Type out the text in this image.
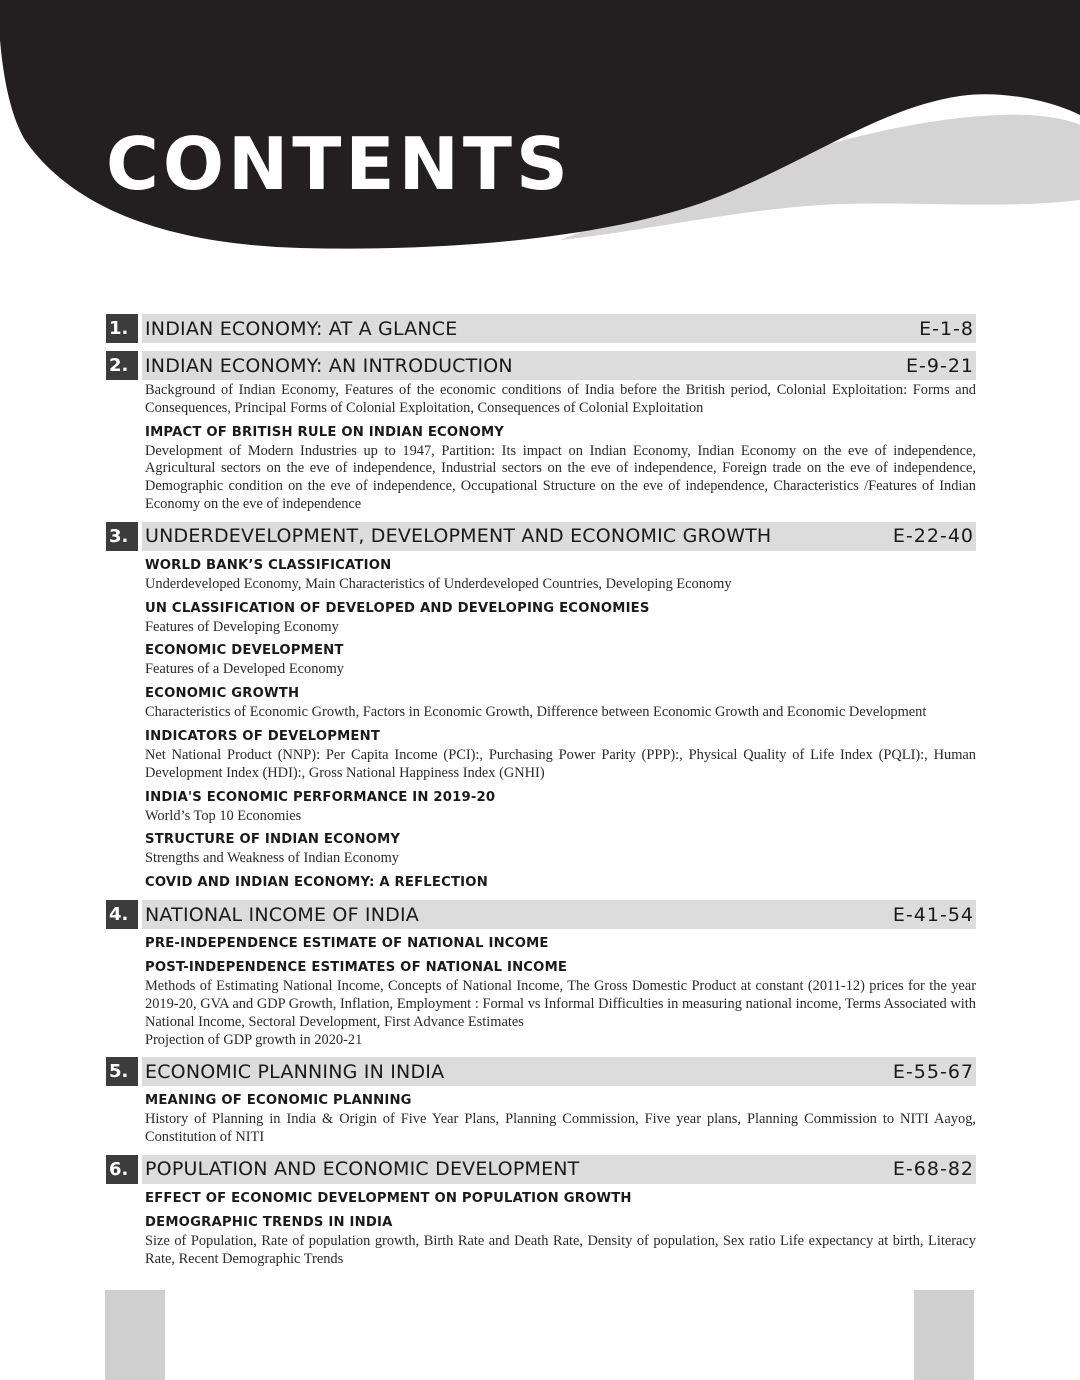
CONTENTS
1. INDIAN ECONOMY: AT A GLANCE	E-1-8
2. INDIAN ECONOMY: AN INTRODUCTION	E-9-21
Background of Indian Economy, Features of the economic conditions of India before the British period, Colonial Exploitation: Forms and Consequences, Principal Forms of Colonial Exploitation, Consequences of Colonial Exploitation
IMPACT OF BRITISH RULE ON INDIAN ECONOMY
Development of Modern Industries up to 1947, Partition: Its impact on Indian Economy, Indian Economy on the eve of independence, Agricultural sectors on the eve of independence, Industrial sectors on the eve of independence, Foreign trade on the eve of independence, Demographic condition on the eve of independence, Occupational Structure on the eve of independence, Characteristics /Features of Indian Economy on the eve of independence
3. UNDERDEVELOPMENT, DEVELOPMENT AND ECONOMIC GROWTH	E-22-40
WORLD BANK’S CLASSIFICATION
Underdeveloped Economy, Main Characteristics of Underdeveloped Countries, Developing Economy
UN CLASSIFICATION OF DEVELOPED AND DEVELOPING ECONOMIES
Features of Developing Economy
ECONOMIC DEVELOPMENT
Features of a Developed Economy
ECONOMIC GROWTH
Characteristics of Economic Growth, Factors in Economic Growth, Difference between Economic Growth and Economic Development
INDICATORS OF DEVELOPMENT
Net National Product (NNP): Per Capita Income (PCI):, Purchasing Power Parity (PPP):, Physical Quality of Life Index (PQLI):, Human Development Index (HDI):, Gross National Happiness Index (GNHI)
INDIA'S ECONOMIC PERFORMANCE IN 2019-20
World’s Top 10 Economies
STRUCTURE OF INDIAN ECONOMY
Strengths and Weakness of Indian Economy
COVID AND INDIAN ECONOMY: A REFLECTION
4. NATIONAL INCOME OF INDIA	E-41-54
PRE-INDEPENDENCE ESTIMATE OF NATIONAL INCOME
POST-INDEPENDENCE ESTIMATES OF NATIONAL INCOME
Methods of Estimating National Income, Concepts of National Income, The Gross Domestic Product at constant (2011-12) prices for the year 2019-20, GVA and GDP Growth, Inflation, Employment : Formal vs Informal Difficulties in measuring national income, Terms Associated with National Income, Sectoral Development, First Advance Estimates
Projection of GDP growth in 2020-21
5. ECONOMIC PLANNING IN INDIA	E-55-67
MEANING OF ECONOMIC PLANNING
History of Planning in India & Origin of Five Year Plans, Planning Commission, Five year plans, Planning Commission to NITI Aayog, Constitution of NITI
6. POPULATION AND ECONOMIC DEVELOPMENT	E-68-82
EFFECT OF ECONOMIC DEVELOPMENT ON POPULATION GROWTH
DEMOGRAPHIC TRENDS IN INDIA
Size of Population, Rate of population growth, Birth Rate and Death Rate, Density of population, Sex ratio Life expectancy at birth, Literacy Rate, Recent Demographic Trends
